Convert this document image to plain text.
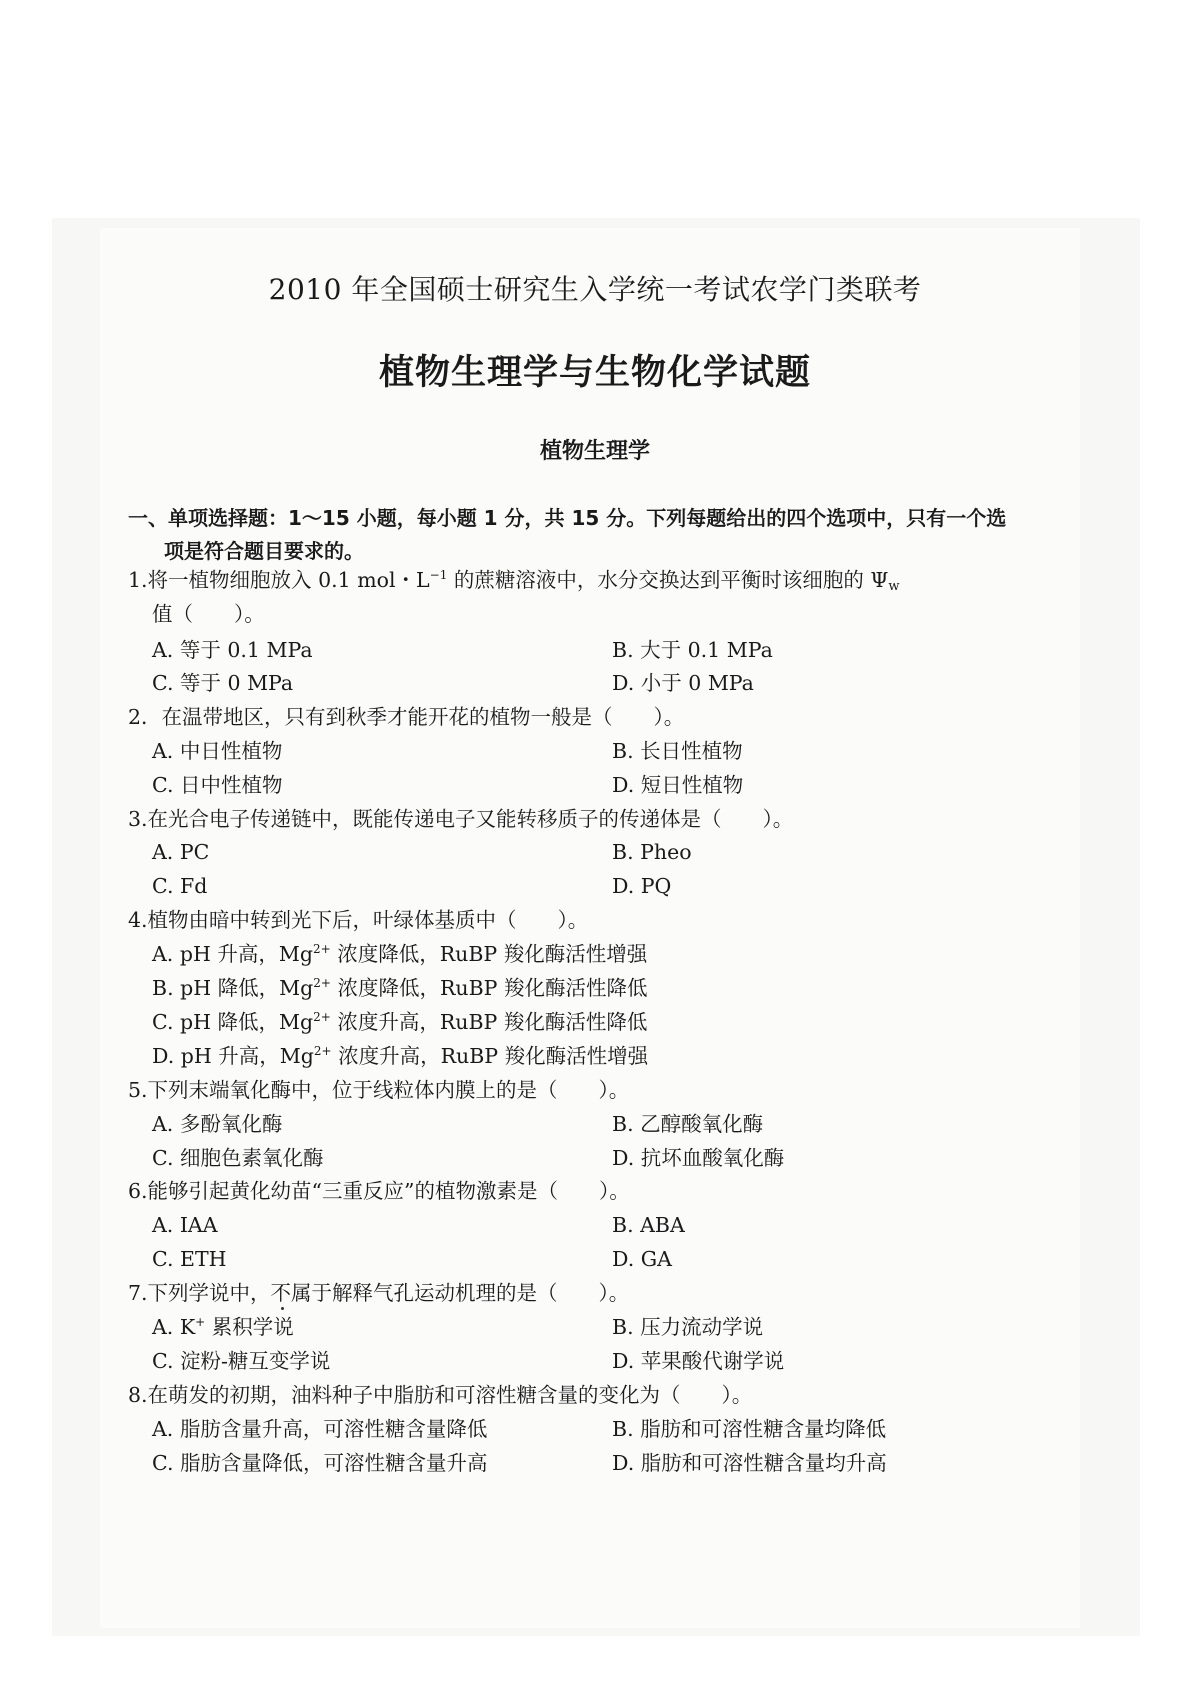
2010 年全国硕士研究生入学统一考试农学门类联考
植物生理学与生物化学试题
植物生理学
一、单项选择题：1～15 小题，每小题 1 分，共 15 分。下列每题给出的四个选项中，只有一个选
项是符合题目要求的。
1.将一植物细胞放入 0.1 mol・$L^{-1}$ 的蔗糖溶液中，水分交换达到平衡时该细胞的 $\Psi_w$
值（　　）。
A. 等于 0.1 MPa	B. 大于 0.1 MPa
C. 等于 0 MPa	D. 小于 0 MPa
2．在温带地区，只有到秋季才能开花的植物一般是（　　）。
A. 中日性植物	B. 长日性植物
C. 日中性植物	D. 短日性植物
3.在光合电子传递链中，既能传递电子又能转移质子的传递体是（　　）。
A. PC	B. Pheo
C. Fd	D. PQ
4.植物由暗中转到光下后，叶绿体基质中（　　）。
A. pH 升高，$Mg^{2+}$ 浓度降低，RuBP 羧化酶活性增强
B. pH 降低，$Mg^{2+}$ 浓度降低，RuBP 羧化酶活性降低
C. pH 降低，$Mg^{2+}$ 浓度升高，RuBP 羧化酶活性降低
D. pH 升高，$Mg^{2+}$ 浓度升高，RuBP 羧化酶活性增强
5.下列末端氧化酶中，位于线粒体内膜上的是（　　）。
A. 多酚氧化酶	B. 乙醇酸氧化酶
C. 细胞色素氧化酶	D. 抗坏血酸氧化酶
6.能够引起黄化幼苗“三重反应”的植物激素是（　　）。
A. IAA	B. ABA
C. ETH	D. GA
7.下列学说中，不属于解释气孔运动机理的是（　　）。
A. K+ 累积学说	B. 压力流动学说
C. 淀粉-糖互变学说	D. 苹果酸代谢学说
8.在萌发的初期，油料种子中脂肪和可溶性糖含量的变化为（　　）。
A. 脂肪含量升高，可溶性糖含量降低	B. 脂肪和可溶性糖含量均降低
C. 脂肪含量降低，可溶性糖含量升高	D. 脂肪和可溶性糖含量均升高
